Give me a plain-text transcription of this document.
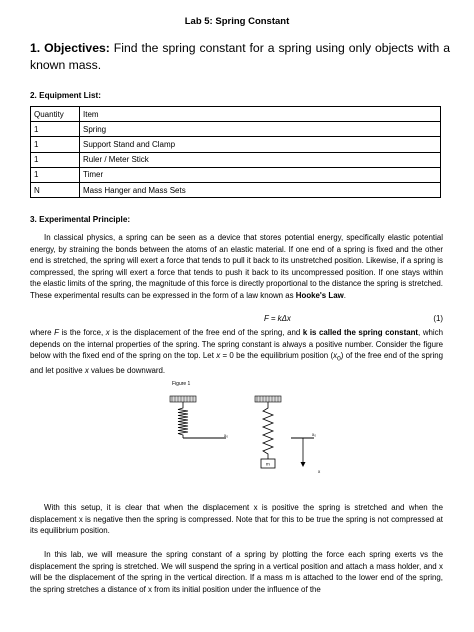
Lab 5: Spring Constant
1. Objectives: Find the spring constant for a spring using only objects with a known mass.
2. Equipment List:
Quantity	Item
1	Spring
1	Support Stand and Clamp
1	Ruler / Meter Stick
1	Timer
N	Mass Hanger and Mass Sets
3. Experimental Principle:
In classical physics, a spring can be seen as a device that stores potential energy, specifically elastic potential energy, by straining the bonds between the atoms of an elastic material. If one end of a spring is fixed and the other end is stretched, the spring will exert a force that tends to pull it back to its unstretched position. Likewise, if a spring is compressed, the spring will exert a force that tends to push it back to its uncompressed position. If one stays within the elastic limits of the spring, the magnitude of this force is directly proportional to the distance the spring is stretched. These experimental results can be expressed in the form of a law known as Hooke's Law.
F = kΔx	(1)
where F is the force, x is the displacement of the free end of the spring, and k is called the spring constant, which depends on the internal properties of the spring. The spring constant is always a positive number. Consider the figure below with the fixed end of the spring on the top. Let x = 0 be the equilibrium position $(x_0)$ of the free end of the spring and let positive x values be downward.
Figure 1
x₀
m
x₀
x
With this setup, it is clear that when the displacement x is positive the spring is stretched and when the displacement x is negative then the spring is compressed. Note that for this to be true the spring is not compressed at its equilibrium position.
In this lab, we will measure the spring constant of a spring by plotting the force each spring exerts vs the displacement the spring is stretched. We will suspend the spring in a vertical position and attach a mass holder, and x will be the displacement of the spring in the vertical direction. If a mass m is attached to the lower end of the spring, the spring stretches a distance of x from its initial position under the influence of the
